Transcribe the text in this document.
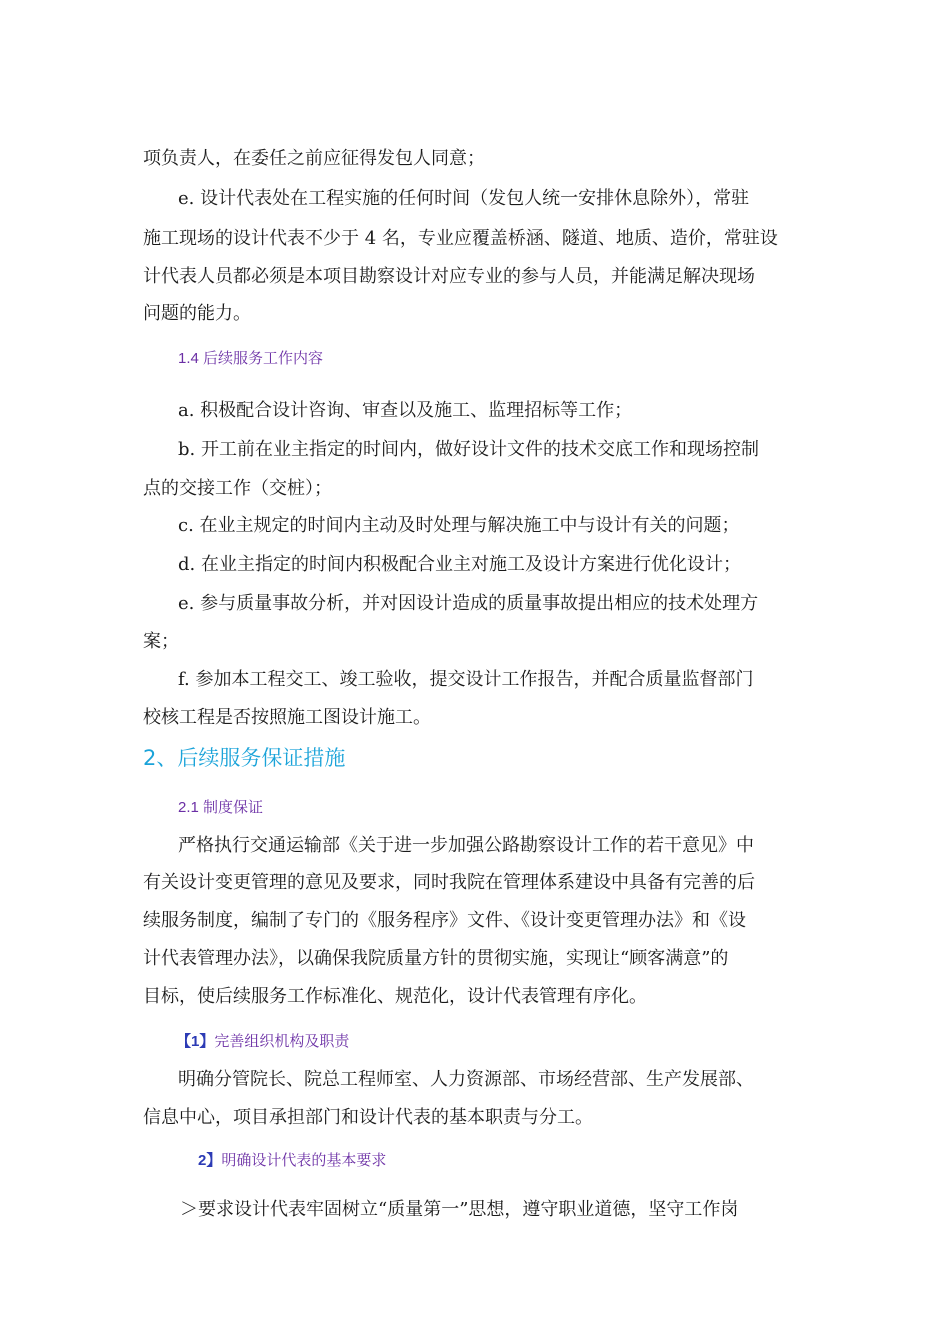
项负责人，在委任之前应征得发包人同意；
e. 设计代表处在工程实施的任何时间（发包人统一安排休息除外），常驻
施工现场的设计代表不少于 4 名，专业应覆盖桥涵、隧道、地质、造价，常驻设
计代表人员都必须是本项目勘察设计对应专业的参与人员，并能满足解决现场
问题的能力。
1.4 后续服务工作内容
a. 积极配合设计咨询、审查以及施工、监理招标等工作；
b. 开工前在业主指定的时间内，做好设计文件的技术交底工作和现场控制
点的交接工作（交桩）；
c. 在业主规定的时间内主动及时处理与解决施工中与设计有关的问题；
d. 在业主指定的时间内积极配合业主对施工及设计方案进行优化设计；
e. 参与质量事故分析，并对因设计造成的质量事故提出相应的技术处理方
案；
f. 参加本工程交工、竣工验收，提交设计工作报告，并配合质量监督部门
校核工程是否按照施工图设计施工。
2、后续服务保证措施
2.1 制度保证
严格执行交通运输部《关于进一步加强公路勘察设计工作的若干意见》中
有关设计变更管理的意见及要求，同时我院在管理体系建设中具备有完善的后
续服务制度，编制了专门的《服务程序》文件、《设计变更管理办法》和《设
计代表管理办法》，以确保我院质量方针的贯彻实施，实现让“顾客满意”的
目标，使后续服务工作标准化、规范化，设计代表管理有序化。
【1】完善组织机构及职责
明确分管院长、院总工程师室、人力资源部、市场经营部、生产发展部、
信息中心，项目承担部门和设计代表的基本职责与分工。
2】明确设计代表的基本要求
＞要求设计代表牢固树立“质量第一”思想，遵守职业道德，坚守工作岗
